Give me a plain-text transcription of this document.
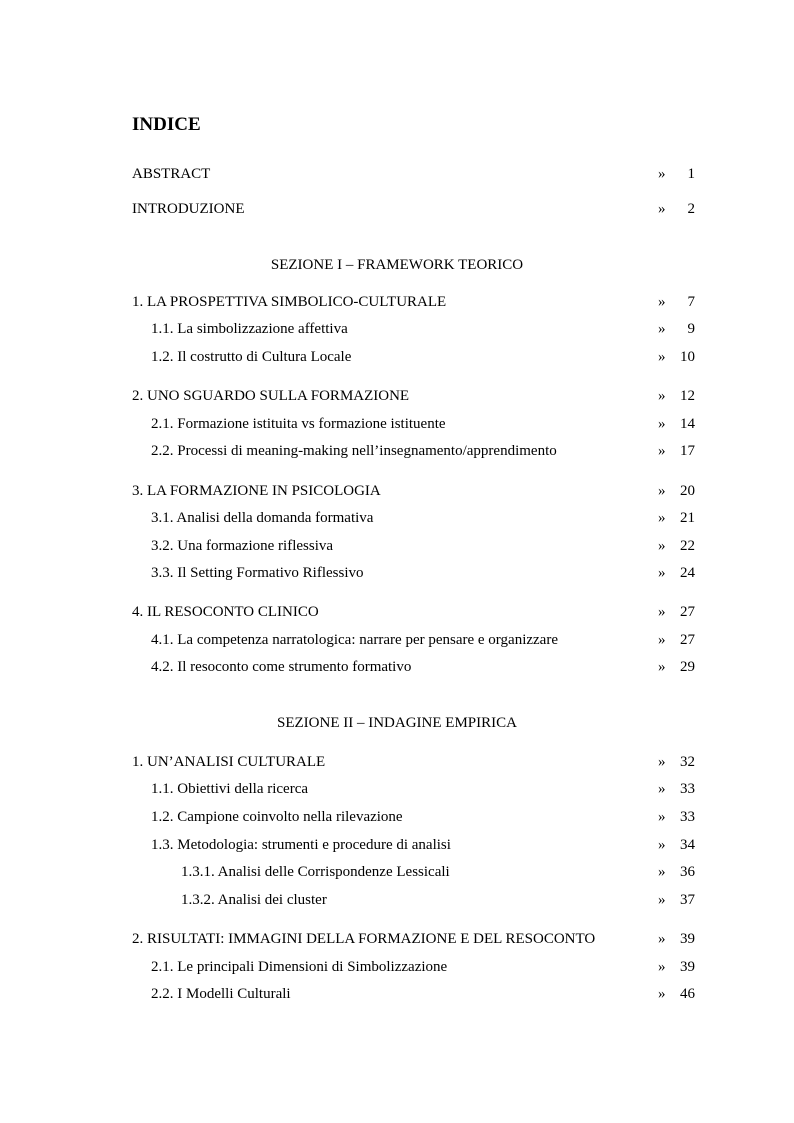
INDICE
ABSTRACT	» 1
INTRODUZIONE	» 2
SEZIONE I – FRAMEWORK TEORICO
1. LA PROSPETTIVA SIMBOLICO-CULTURALE	» 7
1.1. La simbolizzazione affettiva	» 9
1.2. Il costrutto di Cultura Locale	» 10
2. UNO SGUARDO SULLA FORMAZIONE	» 12
2.1. Formazione istituita vs formazione istituente	» 14
2.2. Processi di meaning-making nell’insegnamento/apprendimento	» 17
3. LA FORMAZIONE IN PSICOLOGIA	» 20
3.1. Analisi della domanda formativa	» 21
3.2. Una formazione riflessiva	» 22
3.3. Il Setting Formativo Riflessivo	» 24
4. IL RESOCONTO CLINICO	» 27
4.1. La competenza narratologica: narrare per pensare e organizzare	» 27
4.2. Il resoconto come strumento formativo	» 29
SEZIONE II – INDAGINE EMPIRICA
1. UN’ANALISI CULTURALE	» 32
1.1. Obiettivi della ricerca	» 33
1.2. Campione coinvolto nella rilevazione	» 33
1.3. Metodologia: strumenti e procedure di analisi	» 34
1.3.1. Analisi delle Corrispondenze Lessicali	» 36
1.3.2. Analisi dei cluster	» 37
2. RISULTATI: IMMAGINI DELLA FORMAZIONE E DEL RESOCONTO	» 39
2.1. Le principali Dimensioni di Simbolizzazione	» 39
2.2. I Modelli Culturali	» 46
